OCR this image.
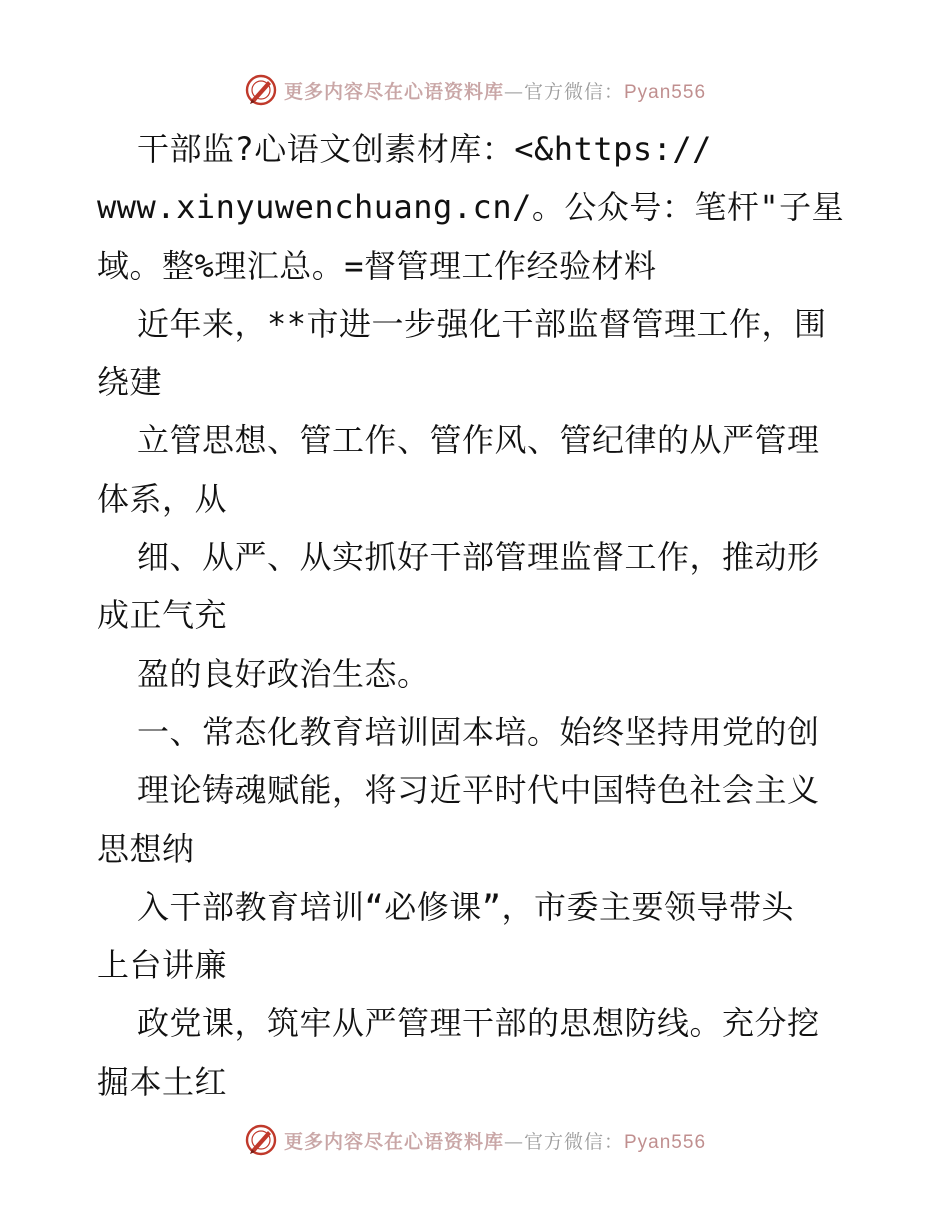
更多内容尽在心语资料库—官方微信：Pyan556
干部监?心语文创素材库：<&https://
www.xinyuwenchuang.cn/。公众号：笔杆"子星
域。整%理汇总。=督管理工作经验材料
近年来，**市进一步强化干部监督管理工作，围
绕建
立管思想、管工作、管作风、管纪律的从严管理
体系，从
细、从严、从实抓好干部管理监督工作，推动形
成正气充
盈的良好政治生态。
一、常态化教育培训固本培。始终坚持用党的创
理论铸魂赋能，将习近平时代中国特色社会主义
思想纳
入干部教育培训“必修课”，市委主要领导带头
上台讲廉
政党课，筑牢从严管理干部的思想防线。充分挖
掘本土红
更多内容尽在心语资料库—官方微信：Pyan556
